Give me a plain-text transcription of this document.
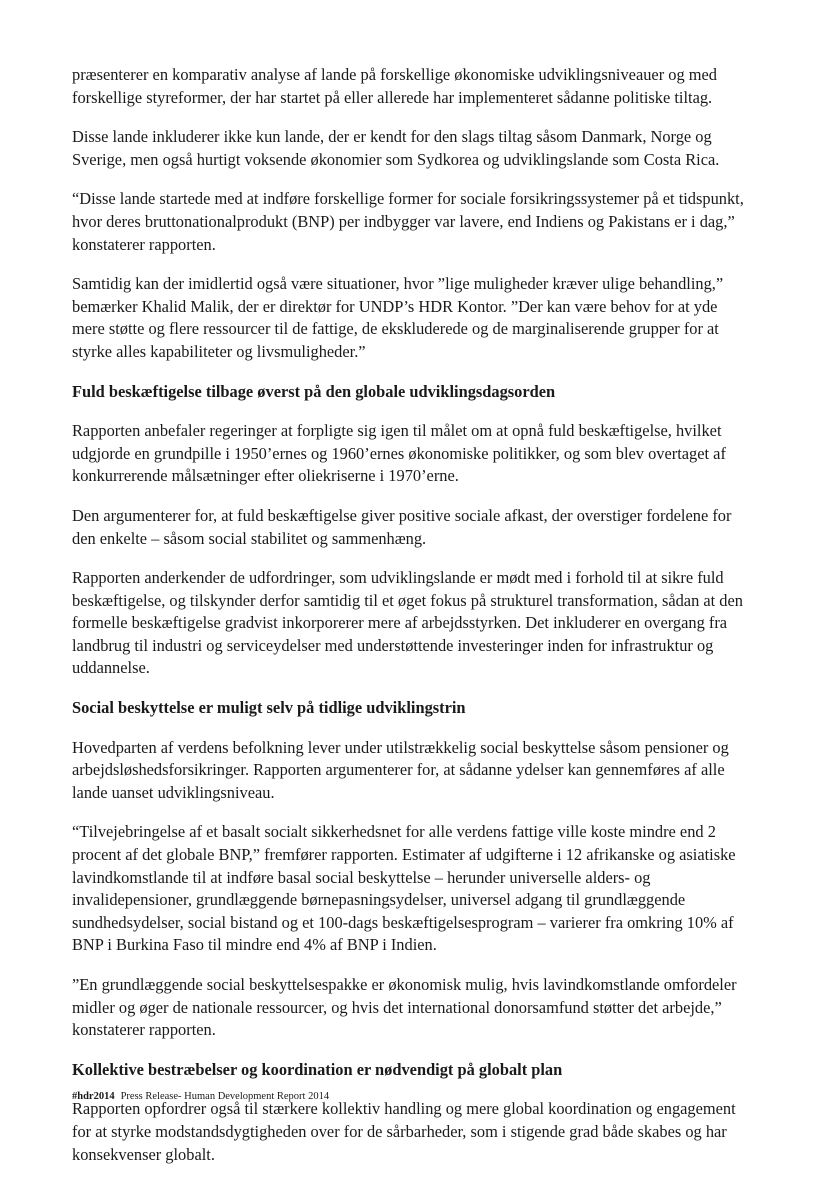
præsenterer en komparativ analyse af lande på forskellige økonomiske udviklingsniveauer og med forskellige styreformer, der har startet på eller allerede har implementeret sådanne politiske tiltag.

Disse lande inkluderer ikke kun lande, der er kendt for den slags tiltag såsom Danmark, Norge og Sverige, men også hurtigt voksende økonomier som Sydkorea og udviklingslande som Costa Rica.

“Disse lande startede med at indføre forskellige former for sociale forsikringssystemer på et tidspunkt, hvor deres bruttonationalprodukt (BNP) per indbygger var lavere, end Indiens og Pakistans er i dag,” konstaterer rapporten.

Samtidig kan der imidlertid også være situationer, hvor ”lige muligheder kræver ulige behandling,” bemærker Khalid Malik, der er direktør for UNDP’s HDR Kontor. ”Der kan være behov for at yde mere støtte og flere ressourcer til de fattige, de ekskluderede og de marginaliserende grupper for at styrke alles kapabiliteter og livsmuligheder.”

Fuld beskæftigelse tilbage øverst på den globale udviklingsdagsorden

Rapporten anbefaler regeringer at forpligte sig igen til målet om at opnå fuld beskæftigelse, hvilket udgjorde en grundpille i 1950’ernes og 1960’ernes økonomiske politikker, og som blev overtaget af konkurrerende målsætninger efter oliekriserne i 1970’erne.

Den argumenterer for, at fuld beskæftigelse giver positive sociale afkast, der overstiger fordelene for den enkelte – såsom social stabilitet og sammenhæng.

Rapporten anderkender de udfordringer, som udviklingslande er mødt med i forhold til at sikre fuld beskæftigelse, og tilskynder derfor samtidig til et øget fokus på strukturel transformation, sådan at den formelle beskæftigelse gradvist inkorporerer mere af arbejdsstyrken. Det inkluderer en overgang fra landbrug til industri og serviceydelser med understøttende investeringer inden for infrastruktur og uddannelse.

Social beskyttelse er muligt selv på tidlige udviklingstrin

Hovedparten af verdens befolkning lever under utilstrækkelig social beskyttelse såsom pensioner og arbejdsløshedsforsikringer. Rapporten argumenterer for, at sådanne ydelser kan gennemføres af alle lande uanset udviklingsniveau.

“Tilvejebringelse af et basalt socialt sikkerhedsnet for alle verdens fattige ville koste mindre end 2 procent af det globale BNP,” fremfører rapporten. Estimater af udgifterne i 12 afrikanske og asiatiske lavindkomstlande til at indføre basal social beskyttelse – herunder universelle alders- og invalidepensioner, grundlæggende børnepasningsydelser, universel adgang til grundlæggende sundhedsydelser, social bistand og et 100-dags beskæftigelsesprogram – varierer fra omkring 10% af BNP i Burkina Faso til mindre end 4% af BNP i Indien.

”En grundlæggende social beskyttelsespakke er økonomisk mulig, hvis lavindkomstlande omfordeler midler og øger de nationale ressourcer, og hvis det international donorsamfund støtter det arbejde,” konstaterer rapporten.

Kollektive bestræbelser og koordination er nødvendigt på globalt plan

Rapporten opfordrer også til stærkere kollektiv handling og mere global koordination og engagement for at styrke modstandsdygtigheden over for de sårbarheder, som i stigende grad både skabes og har konsekvenser globalt.

#hdr2014 Press Release- Human Development Report 2014
